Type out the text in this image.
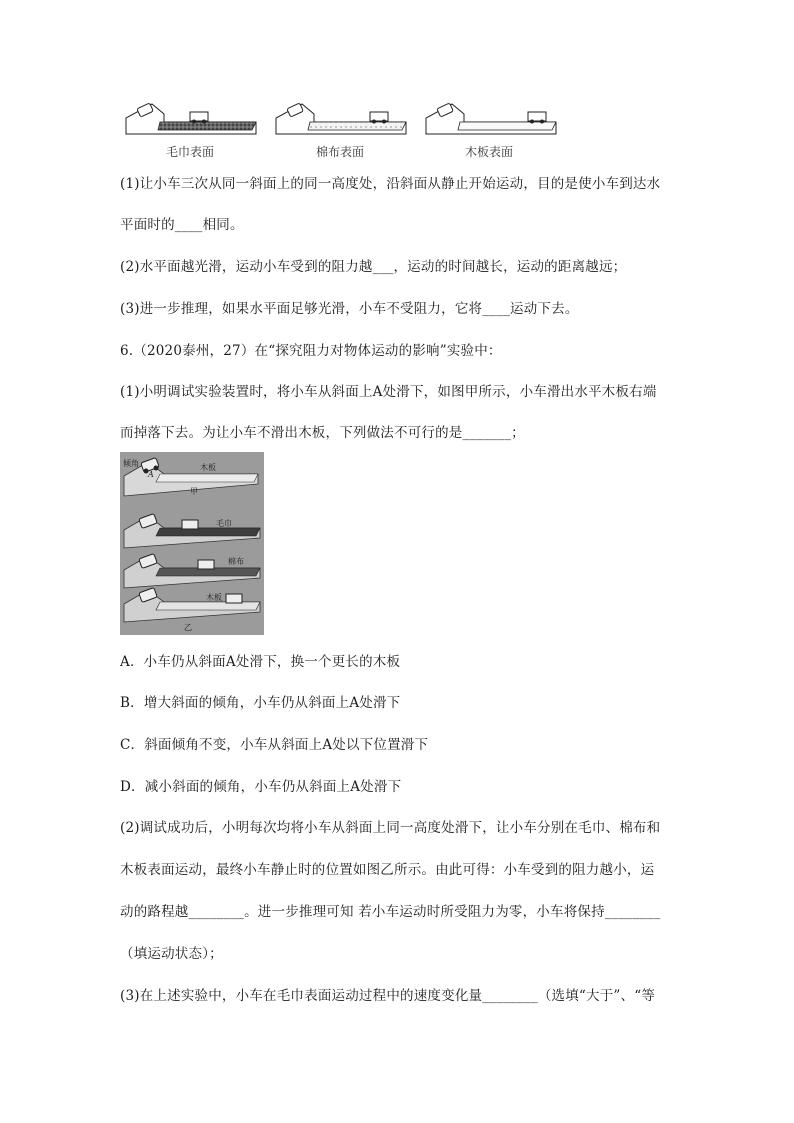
毛巾表面	棉布表面	木板表面
(1)让小车三次从同一斜面上的同一高度处，沿斜面从静止开始运动，目的是使小车到达水
平面时的____相同。
(2)水平面越光滑，运动小车受到的阻力越___，运动的时间越长，运动的距离越远；
(3)进一步推理，如果水平面足够光滑，小车不受阻力，它将____运动下去。
6.（2020泰州，27）在“探究阻力对物体运动的影响”实验中：
(1)小明调试实验装置时，将小车从斜面上A处滑下，如图甲所示，小车滑出水平木板右端
而掉落下去。为让小车不滑出木板，下列做法不可行的是_______；
倾角
A
木板
甲
毛巾
棉布
木板
乙
A．小车仍从斜面A处滑下，换一个更长的木板
B．增大斜面的倾角，小车仍从斜面上A处滑下
C．斜面倾角不变，小车从斜面上A处以下位置滑下
D．减小斜面的倾角，小车仍从斜面上A处滑下
(2)调试成功后，小明每次均将小车从斜面上同一高度处滑下，让小车分别在毛巾、棉布和
木板表面运动，最终小车静止时的位置如图乙所示。由此可得：小车受到的阻力越小，运
动的路程越________。进一步推理可知 若小车运动时所受阻力为零，小车将保持________
（填运动状态）；
(3)在上述实验中，小车在毛巾表面运动过程中的速度变化量________（选填“大于”、“等
